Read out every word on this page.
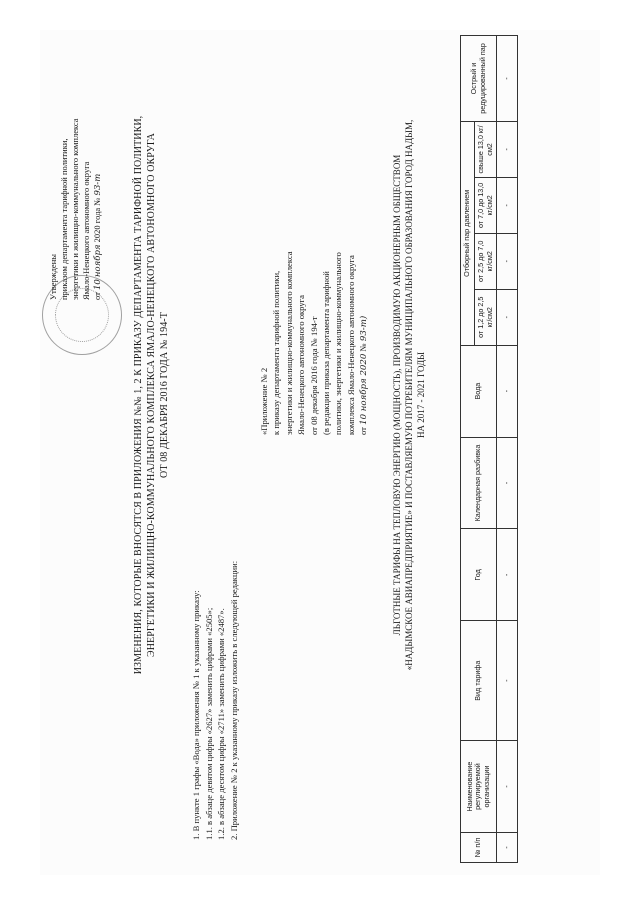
Утверждены приказом департамента тарифной политики, энергетики и жилищно-коммунального комплекса Ямало-Ненецкого автономного округа от 10 ноября 2020 года № 93-т	ИЗМЕНЕНИЯ, КОТОРЫЕ ВНОСЯТСЯ В ПРИЛОЖЕНИЯ №№ 1, 2 К ПРИКАЗУ ДЕПАРТАМЕНТА ТАРИФНОЙ ПОЛИТИКИ, ЭНЕРГЕТИКИ И ЖИЛИЩНО-КОММУНАЛЬНОГО КОМПЛЕКСА ЯМАЛО-НЕНЕЦКОГО АВТОНОМНОГО ОКРУГА ОТ 08 ДЕКАБРЯ 2016 ГОДА № 194-Т
1. В пункте 1 графы «Вода» приложения № 1 к указанному приказу: 1.1. в абзаце девятом цифры «2627» заменить цифрами «2505»; 1.2. в абзаце десятом цифры «2711» заменить цифрами «2487». 2. Приложение № 2 к указанному приказу изложить в следующей редакции:
«Приложение № 2 к приказу департамента тарифной политики, энергетики и жилищно-коммунального комплекса Ямало-Ненецкого автономного округа от 08 декабря 2016 года № 194-т (в редакции приказа департамента тарифной политики, энергетики и жилищно-коммунального комплекса Ямало-Ненецкого автономного округа от 10 ноября 2020 № 93-т)	ЛЬГОТНЫЕ ТАРИФЫ НА ТЕПЛОВУЮ ЭНЕРГИЮ (МОЩНОСТЬ), ПРОИЗВОДИМУЮ АКЦИОНЕРНЫМ ОБЩЕСТВОМ «НАДЫМСКОЕ АВИАПРЕДПРИЯТИЕ» И ПОСТАВЛЯЕМУЮ ПОТРЕБИТЕЛЯМ МУНИЦИПАЛЬНОГО ОБРАЗОВАНИЯ ГОРОД НАДЫМ, НА 2017 - 2021 ГОДЫ
№ п/п	Наименование регулируемой организации	Вид тарифа	Год	Календарная разбивка	Вода	Отборный пар давлением				Острый и редуцированный пар
						от 1,2 до 2,5 кг/см2	от 2,5 до 7,0 кг/см2	от 7,0 до 13,0 кг/см2	свыше 13,0 кг/см2	
-	-	-	-	-	-	-	-	-	-	-
